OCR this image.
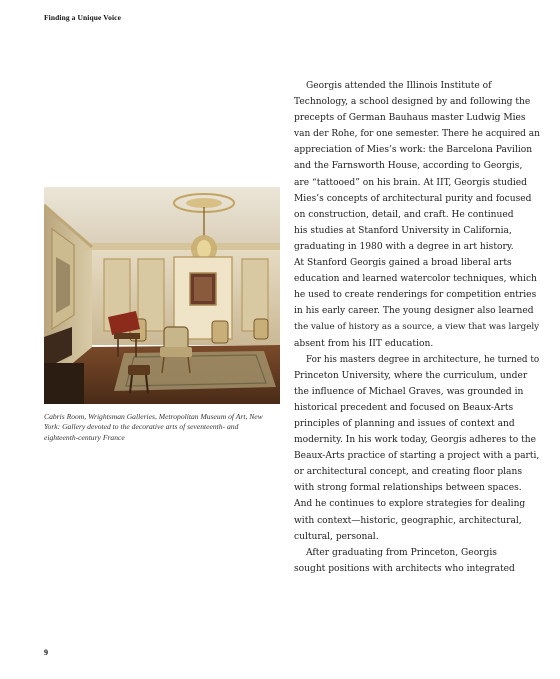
Finding a Unique Voice
Cabris Room, Wrightsman Galleries, Metropolitan Museum of Art, New York: Gallery devoted to the decorative arts of seventeenth- and eighteenth-century France
Georgis attended the Illinois Institute of
Technology, a school designed by and following the
precepts of German Bauhaus master Ludwig Mies
van der Rohe, for one semester. There he acquired an
appreciation of Mies’s work: the Barcelona Pavilion
and the Farnsworth House, according to Georgis,
are “tattooed” on his brain. At IIT, Georgis studied
Mies’s concepts of architectural purity and focused
on construction, detail, and craft. He continued
his studies at Stanford University in California,
graduating in 1980 with a degree in art history.
At Stanford Georgis gained a broad liberal arts
education and learned watercolor techniques, which
he used to create renderings for competition entries
in his early career. The young designer also learned
the value of history as a source, a view that was largely
absent from his IIT education.
For his masters degree in architecture, he turned to
Princeton University, where the curriculum, under
the influence of Michael Graves, was grounded in
historical precedent and focused on Beaux-Arts
principles of planning and issues of context and
modernity. In his work today, Georgis adheres to the
Beaux-Arts practice of starting a project with a parti,
or architectural concept, and creating floor plans
with strong formal relationships between spaces.
And he continues to explore strategies for dealing
with context—historic, geographic, architectural,
cultural, personal.
After graduating from Princeton, Georgis
sought positions with architects who integrated
9
